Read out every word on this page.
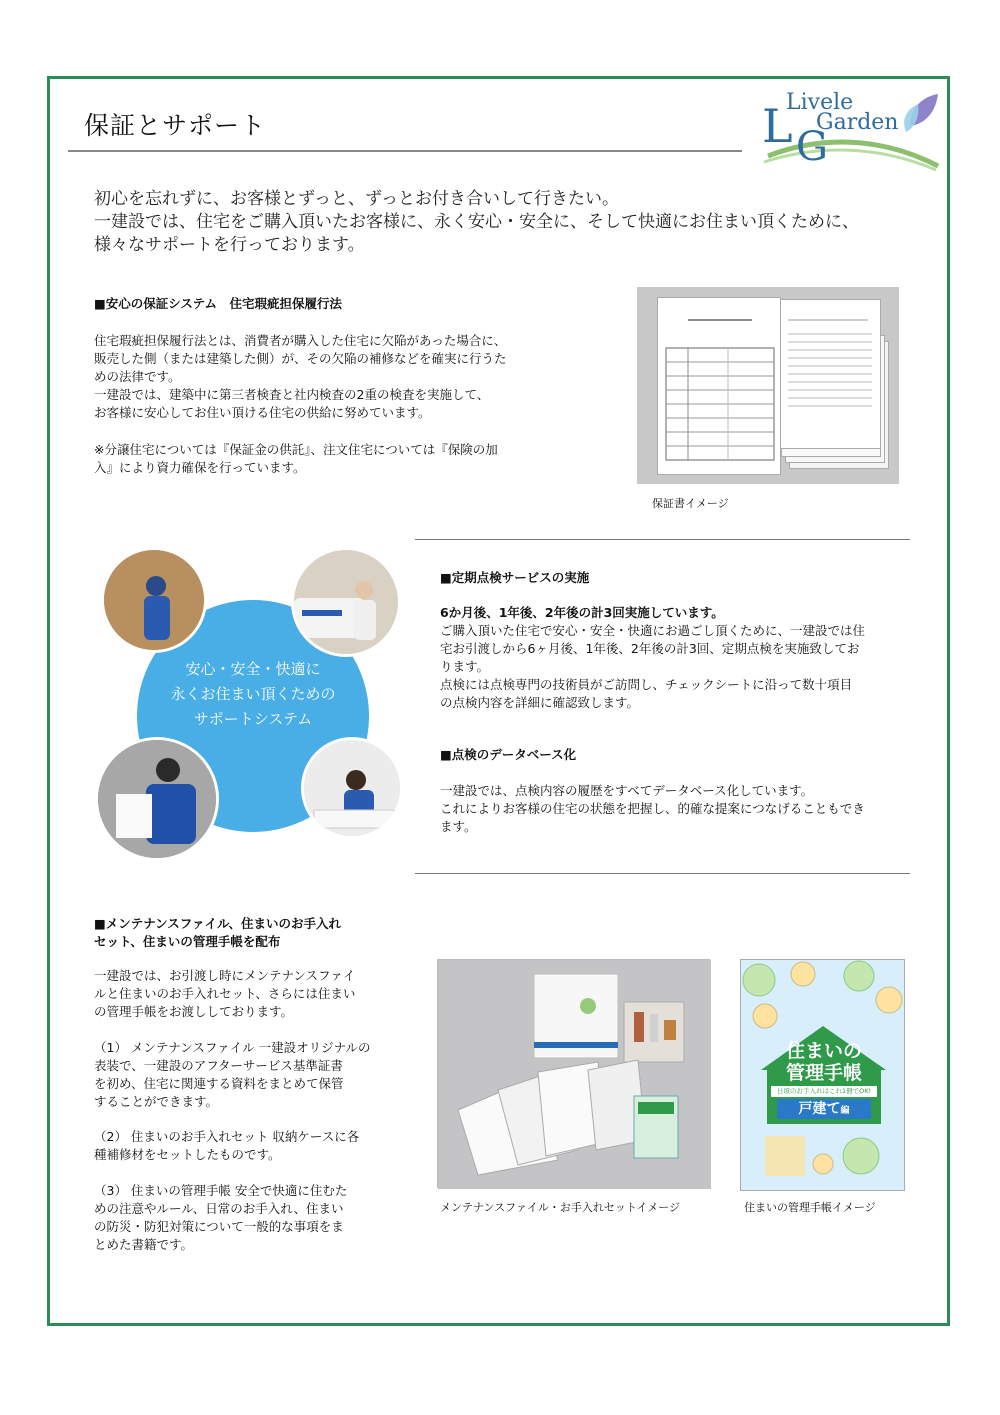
保証とサポート	L G
Livele
Garden
初心を忘れずに、お客様とずっと、ずっとお付き合いして行きたい。
一建設では、住宅をご購入頂いたお客様に、永く安心・安全に、そして快適にお住まい頂くために、
様々なサポートを行っております。
■安心の保証システム　住宅瑕疵担保履行法
住宅瑕疵担保履行法とは、消費者が購入した住宅に欠陥があった場合に、
販売した側（または建築した側）が、その欠陥の補修などを確実に行うた
めの法律です。
一建設では、建築中に第三者検査と社内検査の2重の検査を実施して、
お客様に安心してお住い頂ける住宅の供給に努めています。
※分譲住宅については『保証金の供託』、注文住宅については『保険の加
入』により資力確保を行っています。
保証書イメージ
安心・安全・快適に
永くお住まい頂くための
サポートシステム
■定期点検サービスの実施
6か月後、1年後、2年後の計3回実施しています。
ご購入頂いた住宅で安心・安全・快適にお過ごし頂くために、一建設では住
宅お引渡しから6ヶ月後、1年後、2年後の計3回、定期点検を実施致してお
ります。
点検には点検専門の技術員がご訪問し、チェックシートに沿って数十項目
の点検内容を詳細に確認致します。
■点検のデータベース化
一建設では、点検内容の履歴をすべてデータベース化しています。
これによりお客様の住宅の状態を把握し、的確な提案につなげることもでき
ます。
■メンテナンスファイル、住まいのお手入れ
セット、住まいの管理手帳を配布
一建設では、お引渡し時にメンテナンスファイ
ルと住まいのお手入れセット、さらには住まい
の管理手帳をお渡ししております。
（1） メンテナンスファイル 一建設オリジナルの
表装で、一建設のアフターサービス基準証書
を初め、住宅に関連する資料をまとめて保管
することができます。
（2） 住まいのお手入れセット 収納ケースに各
種補修材をセットしたものです。
（3） 住まいの管理手帳 安全で快適に住むた
めの注意やルール、日常のお手入れ、住まい
の防災・防犯対策について一般的な事項をま
とめた書籍です。
メンテナンスファイル・お手入れセットイメージ
住まいの
管理手帳
日頃のお手入れはこれ1冊でOK!
戸建て編
住まいの管理手帳イメージ
